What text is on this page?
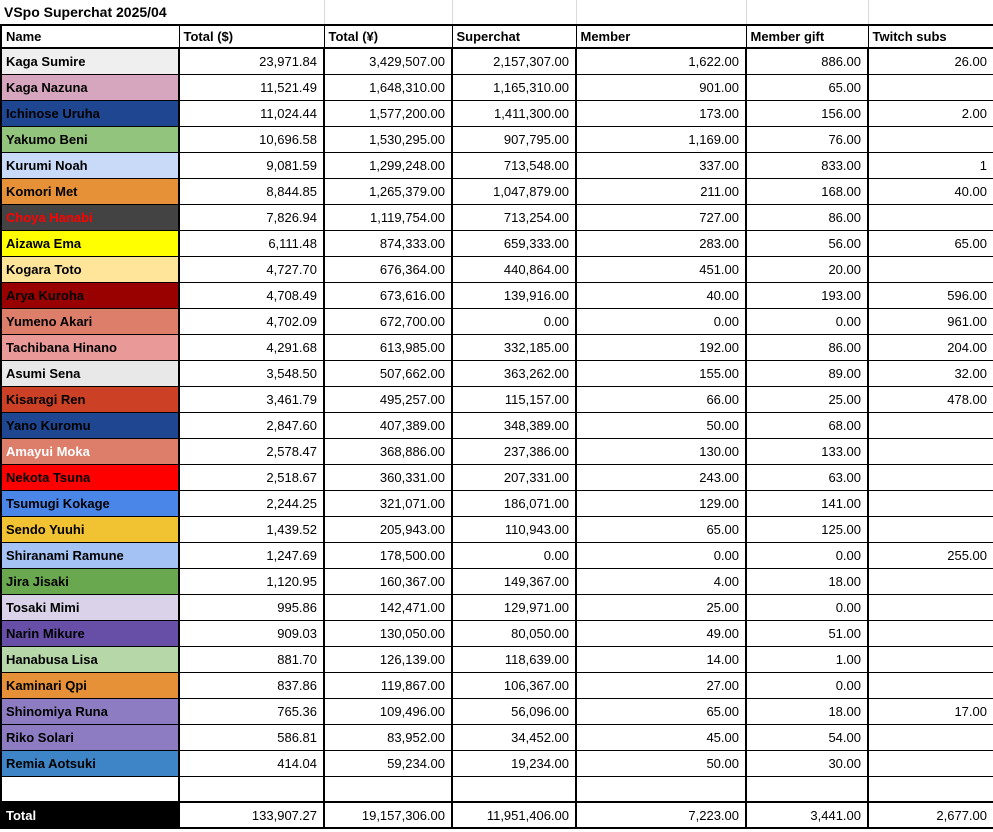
VSpo Superchat 2025/04						
Name	Total ($)	Total (¥)	Superchat	Member	Member gift	Twitch subs
Kaga Sumire	23,971.84	3,429,507.00	2,157,307.00	1,622.00	886.00	26.00
Kaga Nazuna	11,521.49	1,648,310.00	1,165,310.00	901.00	65.00	
Ichinose Uruha	11,024.44	1,577,200.00	1,411,300.00	173.00	156.00	2.00
Yakumo Beni	10,696.58	1,530,295.00	907,795.00	1,169.00	76.00	
Kurumi Noah	9,081.59	1,299,248.00	713,548.00	337.00	833.00	1
Komori Met	8,844.85	1,265,379.00	1,047,879.00	211.00	168.00	40.00
Choya Hanabi	7,826.94	1,119,754.00	713,254.00	727.00	86.00	
Aizawa Ema	6,111.48	874,333.00	659,333.00	283.00	56.00	65.00
Kogara Toto	4,727.70	676,364.00	440,864.00	451.00	20.00	
Arya Kuroha	4,708.49	673,616.00	139,916.00	40.00	193.00	596.00
Yumeno Akari	4,702.09	672,700.00	0.00	0.00	0.00	961.00
Tachibana Hinano	4,291.68	613,985.00	332,185.00	192.00	86.00	204.00
Asumi Sena	3,548.50	507,662.00	363,262.00	155.00	89.00	32.00
Kisaragi Ren	3,461.79	495,257.00	115,157.00	66.00	25.00	478.00
Yano Kuromu	2,847.60	407,389.00	348,389.00	50.00	68.00	
Amayui Moka	2,578.47	368,886.00	237,386.00	130.00	133.00	
Nekota Tsuna	2,518.67	360,331.00	207,331.00	243.00	63.00	
Tsumugi Kokage	2,244.25	321,071.00	186,071.00	129.00	141.00	
Sendo Yuuhi	1,439.52	205,943.00	110,943.00	65.00	125.00	
Shiranami Ramune	1,247.69	178,500.00	0.00	0.00	0.00	255.00
Jira Jisaki	1,120.95	160,367.00	149,367.00	4.00	18.00	
Tosaki Mimi	995.86	142,471.00	129,971.00	25.00	0.00	
Narin Mikure	909.03	130,050.00	80,050.00	49.00	51.00	
Hanabusa Lisa	881.70	126,139.00	118,639.00	14.00	1.00	
Kaminari Qpi	837.86	119,867.00	106,367.00	27.00	0.00	
Shinomiya Runa	765.36	109,496.00	56,096.00	65.00	18.00	17.00
Riko Solari	586.81	83,952.00	34,452.00	45.00	54.00	
Remia Aotsuki	414.04	59,234.00	19,234.00	50.00	30.00	

Total	133,907.27	19,157,306.00	11,951,406.00	7,223.00	3,441.00	2,677.00
